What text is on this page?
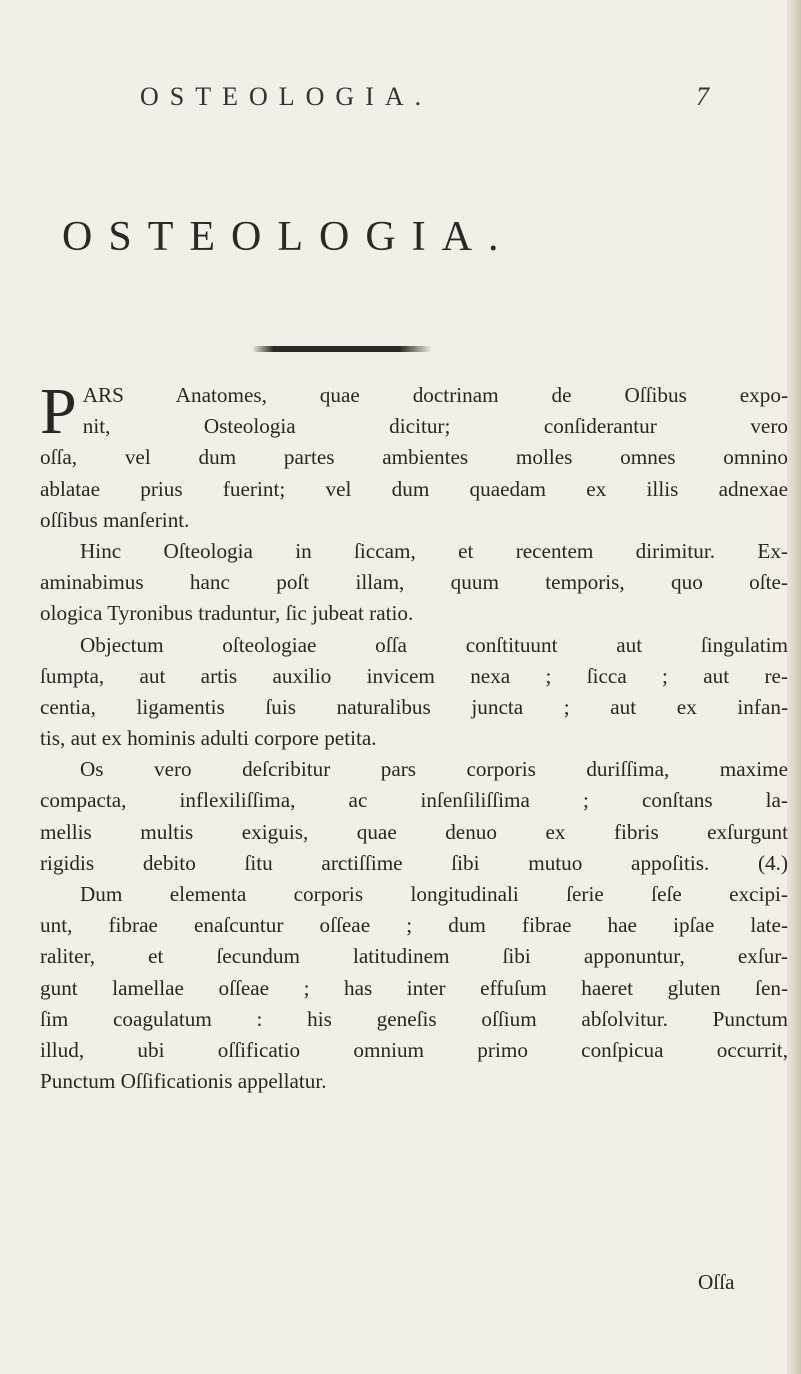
OSTEOLOGIA.	7
OSTEOLOGIA.
P ARS Anatomes, quae doctrinam de Oſſibus expo-
nit, Osteologia dicitur; conſiderantur vero
oſſa, vel dum partes ambientes molles omnes omnino
ablatae prius fuerint; vel dum quaedam ex illis adnexae
oſſibus manſerint.
Hinc Oſteologia in ſiccam, et recentem dirimitur. Ex-
aminabimus hanc poſt illam, quum temporis, quo oſte-
ologica Tyronibus traduntur, ſic jubeat ratio.
Objectum oſteologiae oſſa conſtituunt aut ſingulatim
ſumpta, aut artis auxilio invicem nexa ; ſicca ; aut re-
centia, ligamentis ſuis naturalibus juncta ; aut ex infan-
tis, aut ex hominis adulti corpore petita.
Os vero deſcribitur pars corporis duriſſima, maxime
compacta, inflexiliſſima, ac inſenſiliſſima ; conſtans la-
mellis multis exiguis, quae denuo ex fibris exſurgunt
rigidis debito ſitu arctiſſime ſibi mutuo appoſitis. (4.)
Dum elementa corporis longitudinali ſerie ſeſe excipi-
unt, fibrae enaſcuntur oſſeae ; dum fibrae hae ipſae late-
raliter, et ſecundum latitudinem ſibi apponuntur, exſur-
gunt lamellae oſſeae ; has inter effuſum haeret gluten ſen-
ſim coagulatum : his geneſis oſſium abſolvitur. Punctum
illud, ubi oſſificatio omnium primo conſpicua occurrit,
Punctum Oſſificationis appellatur.
Oſſa
